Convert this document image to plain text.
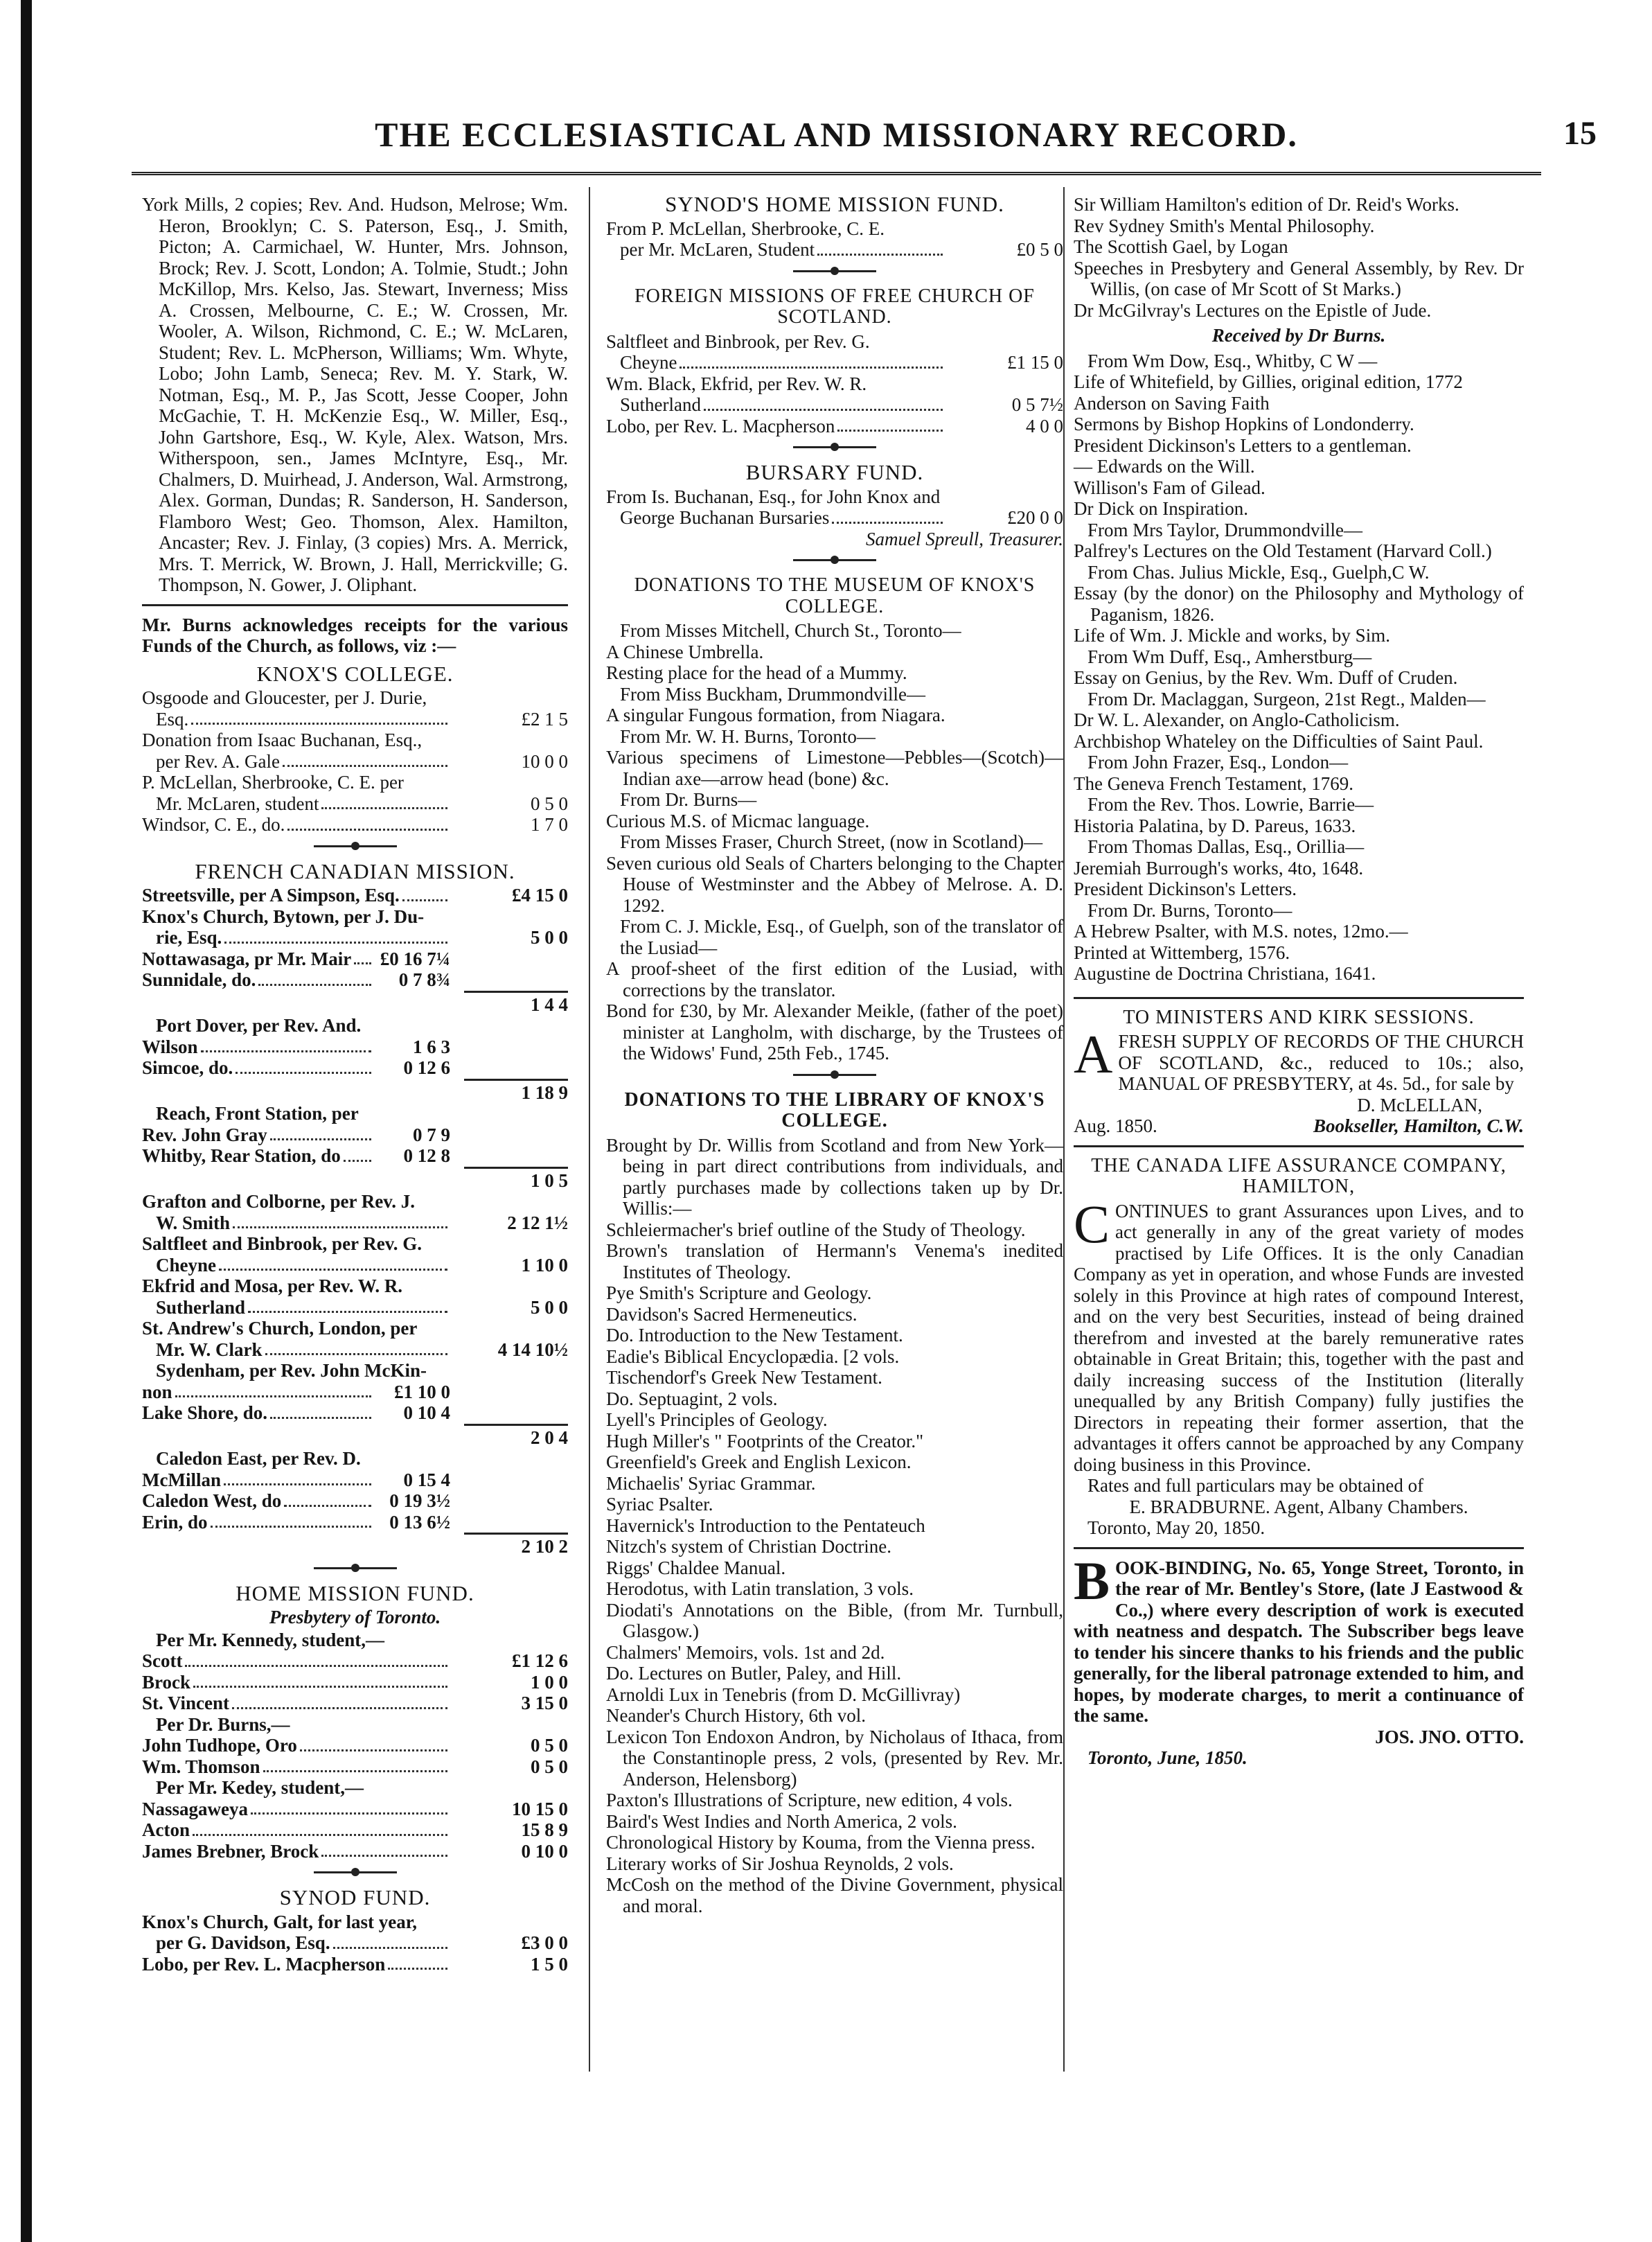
THE ECCLESIASTICAL AND MISSIONARY RECORD.	15

York Mills, 2 copies; Rev. And. Hudson, Melrose; Wm. Heron, Brooklyn; C. S. Paterson, Esq., J. Smith, Picton; A. Carmichael, W. Hunter, Mrs. Johnson, Brock; Rev. J. Scott, London; A. Tolmie, Studt.; John McKillop, Mrs. Kelso, Jas. Stewart, Inverness; Miss A. Crossen, Melbourne, C. E.; W. Crossen, Mr. Wooler, A. Wilson, Richmond, C. E.; W. McLaren, Student; Rev. L. McPherson, Williams; Wm. Whyte, Lobo; John Lamb, Seneca; Rev. M. Y. Stark, W. Notman, Esq., M. P., Jas Scott, Jesse Cooper, John McGachie, T. H. McKenzie Esq., W. Miller, Esq., John Gartshore, Esq., W. Kyle, Alex. Watson, Mrs. Witherspoon, sen., James McIntyre, Esq., Mr. Chalmers, D. Muirhead, J. Anderson, Wal. Armstrong, Alex. Gorman, Dundas; R. Sanderson, H. Sanderson, Flamboro West; Geo. Thomson, Alex. Hamilton, Ancaster; Rev. J. Finlay, (3 copies) Mrs. A. Merrick, Mrs. T. Merrick, W. Brown, J. Hall, Merrickville; G. Thompson, N. Gower, J. Oliphant.

Mr. Burns acknowledges receipts for the various Funds of the Church, as follows, viz :—

KNOX'S COLLEGE.

Osgoode and Gloucester, per J. Durie,

Esq.	£2 1 5

Donation from Isaac Buchanan, Esq.,

per Rev. A. Gale	10 0 0

P. McLellan, Sherbrooke, C. E. per

Mr. McLaren, student	0 5 0
Windsor, C. E., do.	1 7 0
FRENCH CANADIAN MISSION.
Streetsville, per A Simpson, Esq.	£4 15 0

Knox's Church, Bytown, per J. Du-

rie, Esq.	5 0 0
Nottawasaga, pr Mr. Mair	£0 16 7¼
Sunnidale, do.	0 7 8¾
1 4 4

Port Dover, per Rev. And.

Wilson	1 6 3
Simcoe, do.	0 12 6
1 18 9

Reach, Front Station, per

Rev. John Gray	0 7 9
Whitby, Rear Station, do	0 12 8
1 0 5

Grafton and Colborne, per Rev. J.

W. Smith	2 12 1½

Saltfleet and Binbrook, per Rev. G.

Cheyne	1 10 0

Ekfrid and Mosa, per Rev. W. R.

Sutherland	5 0 0

St. Andrew's Church, London, per

Mr. W. Clark	4 14 10½

Sydenham, per Rev. John McKin-

non	£1 10 0
Lake Shore, do.	0 10 4
2 0 4

Caledon East, per Rev. D.

McMillan	0 15 4
Caledon West, do	0 19 3½
Erin, do	0 13 6½
2 10 2
HOME MISSION FUND.
Presbytery of Toronto.

Per Mr. Kennedy, student,—

Scott	£1 12 6
Brock	1 0 0
St. Vincent	3 15 0

Per Dr. Burns,—

John Tudhope, Oro	0 5 0
Wm. Thomson	0 5 0

Per Mr. Kedey, student,—

Nassagaweya	10 15 0
Acton	15 8 9
James Brebner, Brock	0 10 0
SYNOD FUND.

Knox's Church, Galt, for last year,

per G. Davidson, Esq.	£3 0 0
Lobo, per Rev. L. Macpherson	1 5 0
SYNOD'S HOME MISSION FUND.

From P. McLellan, Sherbrooke, C. E.

per Mr. McLaren, Student	£0 5 0
FOREIGN MISSIONS OF FREE CHURCH OF SCOTLAND.

Saltfleet and Binbrook, per Rev. G.

Cheyne	£1 15 0

Wm. Black, Ekfrid, per Rev. W. R.

Sutherland	0 5 7½
Lobo, per Rev. L. Macpherson	4 0 0
BURSARY FUND.

From Is. Buchanan, Esq., for John Knox and

George Buchanan Bursaries	£20 0 0

Samuel Spreull, Treasurer.

DONATIONS TO THE MUSEUM OF KNOX'S COLLEGE.

From Misses Mitchell, Church St., Toronto—

A Chinese Umbrella.

Resting place for the head of a Mummy.

From Miss Buckham, Drummondville—

A singular Fungous formation, from Niagara.

From Mr. W. H. Burns, Toronto—

Various specimens of Limestone—Pebbles—(Scotch)—Indian axe—arrow head (bone) &c.

From Dr. Burns—

Curious M.S. of Micmac language.

From Misses Fraser, Church Street, (now in Scotland)—

Seven curious old Seals of Charters belonging to the Chapter House of Westminster and the Abbey of Melrose. A. D. 1292.

From C. J. Mickle, Esq., of Guelph, son of the translator of the Lusiad—

A proof-sheet of the first edition of the Lusiad, with corrections by the translator.

Bond for £30, by Mr. Alexander Meikle, (father of the poet) minister at Langholm, with discharge, by the Trustees of the Widows' Fund, 25th Feb., 1745.

DONATIONS TO THE LIBRARY OF KNOX'S COLLEGE.

Brought by Dr. Willis from Scotland and from New York—being in part direct contributions from individuals, and partly purchases made by collections taken up by Dr. Willis:—

Schleiermacher's brief outline of the Study of Theology.

Brown's translation of Hermann's Venema's inedited Institutes of Theology.

Pye Smith's Scripture and Geology.

Davidson's Sacred Hermeneutics.

Do. Introduction to the New Testament.

Eadie's Biblical Encyclopædia. [2 vols.

Tischendorf's Greek New Testament.

Do. Septuagint, 2 vols.

Lyell's Principles of Geology.

Hugh Miller's " Footprints of the Creator."

Greenfield's Greek and English Lexicon.

Michaelis' Syriac Grammar.

Syriac Psalter.

Havernick's Introduction to the Pentateuch

Nitzch's system of Christian Doctrine.

Riggs' Chaldee Manual.

Herodotus, with Latin translation, 3 vols.

Diodati's Annotations on the Bible, (from Mr. Turnbull, Glasgow.)

Chalmers' Memoirs, vols. 1st and 2d.

Do. Lectures on Butler, Paley, and Hill.

Arnoldi Lux in Tenebris (from D. McGillivray)

Neander's Church History, 6th vol.

Lexicon Ton Endoxon Andron, by Nicholaus of Ithaca, from the Constantinople press, 2 vols, (presented by Rev. Mr. Anderson, Helensborg)

Paxton's Illustrations of Scripture, new edition, 4 vols.

Baird's West Indies and North America, 2 vols.

Chronological History by Kouma, from the Vienna press.

Literary works of Sir Joshua Reynolds, 2 vols.

McCosh on the method of the Divine Government, physical and moral.

Sir William Hamilton's edition of Dr. Reid's Works.

Rev Sydney Smith's Mental Philosophy.

The Scottish Gael, by Logan

Speeches in Presbytery and General Assembly, by Rev. Dr Willis, (on case of Mr Scott of St Marks.)

Dr McGilvray's Lectures on the Epistle of Jude.

Received by Dr Burns.

From Wm Dow, Esq., Whitby, C W —

Life of Whitefield, by Gillies, original edition, 1772

Anderson on Saving Faith

Sermons by Bishop Hopkins of Londonderry.

President Dickinson's Letters to a gentleman.

— Edwards on the Will.

Willison's Fam of Gilead.

Dr Dick on Inspiration.

From Mrs Taylor, Drummondville—

Palfrey's Lectures on the Old Testament (Harvard Coll.)

From Chas. Julius Mickle, Esq., Guelph,C W.

Essay (by the donor) on the Philosophy and Mythology of Paganism, 1826.

Life of Wm. J. Mickle and works, by Sim.

From Wm Duff, Esq., Amherstburg—

Essay on Genius, by the Rev. Wm. Duff of Cruden.

From Dr. Maclaggan, Surgeon, 21st Regt., Malden—

Dr W. L. Alexander, on Anglo-Catholicism.

Archbishop Whateley on the Difficulties of Saint Paul.

From John Frazer, Esq., London—

The Geneva French Testament, 1769.

From the Rev. Thos. Lowrie, Barrie—

Historia Palatina, by D. Pareus, 1633.

From Thomas Dallas, Esq., Orillia—

Jeremiah Burrough's works, 4to, 1648.

President Dickinson's Letters.

From Dr. Burns, Toronto—

A Hebrew Psalter, with M.S. notes, 12mo.—

Printed at Wittemberg, 1576.

Augustine de Doctrina Christiana, 1641.

TO MINISTERS AND KIRK SESSIONS.

AFRESH SUPPLY OF RECORDS OF THE CHURCH OF SCOTLAND, &c., reduced to 10s.; also, MANUAL OF PRESBYTERY, at 4s. 5d., for sale by

D. McLELLAN,

Aug. 1850.	Bookseller, Hamilton, C.W.
THE CANADA LIFE ASSURANCE COMPANY, HAMILTON,

CONTINUES to grant Assurances upon Lives, and to act generally in any of the great variety of modes practised by Life Offices. It is the only Canadian Company as yet in operation, and whose Funds are invested solely in this Province at high rates of compound Interest, and on the very best Securities, instead of being drained therefrom and invested at the barely remunerative rates obtainable in Great Britain; this, together with the past and daily increasing success of the Institution (literally unequalled by any British Company) fully justifies the Directors in repeating their former assertion, that the advantages it offers cannot be approached by any Company doing business in this Province.

Rates and full particulars may be obtained of

E. BRADBURNE. Agent, Albany Chambers.

Toronto, May 20, 1850.

BOOK-BINDING, No. 65, Yonge Street, Toronto, in the rear of Mr. Bentley's Store, (late J Eastwood & Co.,) where every description of work is executed with neatness and despatch. The Subscriber begs leave to tender his sincere thanks to his friends and the public generally, for the liberal patronage extended to him, and hopes, by moderate charges, to merit a continuance of the same.

JOS. JNO. OTTO.

Toronto, June, 1850.
